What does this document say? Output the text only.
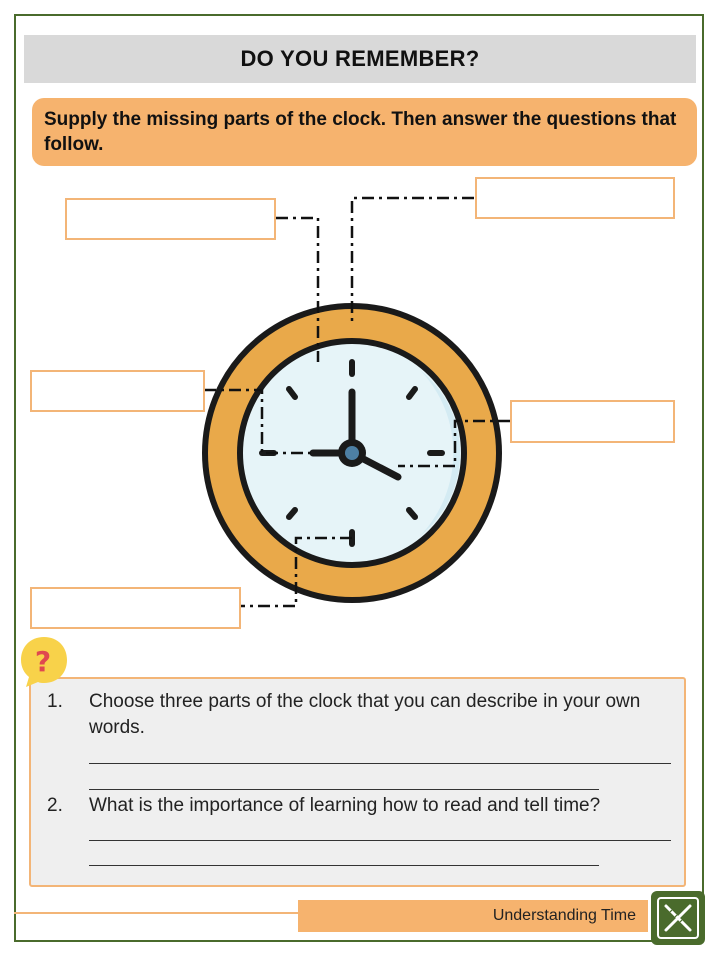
DO YOU REMEMBER?
Supply the missing parts of the clock. Then answer the questions that follow.
1.	Choose three parts of the clock that you can describe in your own words.
2.	What is the importance of learning how to read and tell time?
?
Understanding Time
